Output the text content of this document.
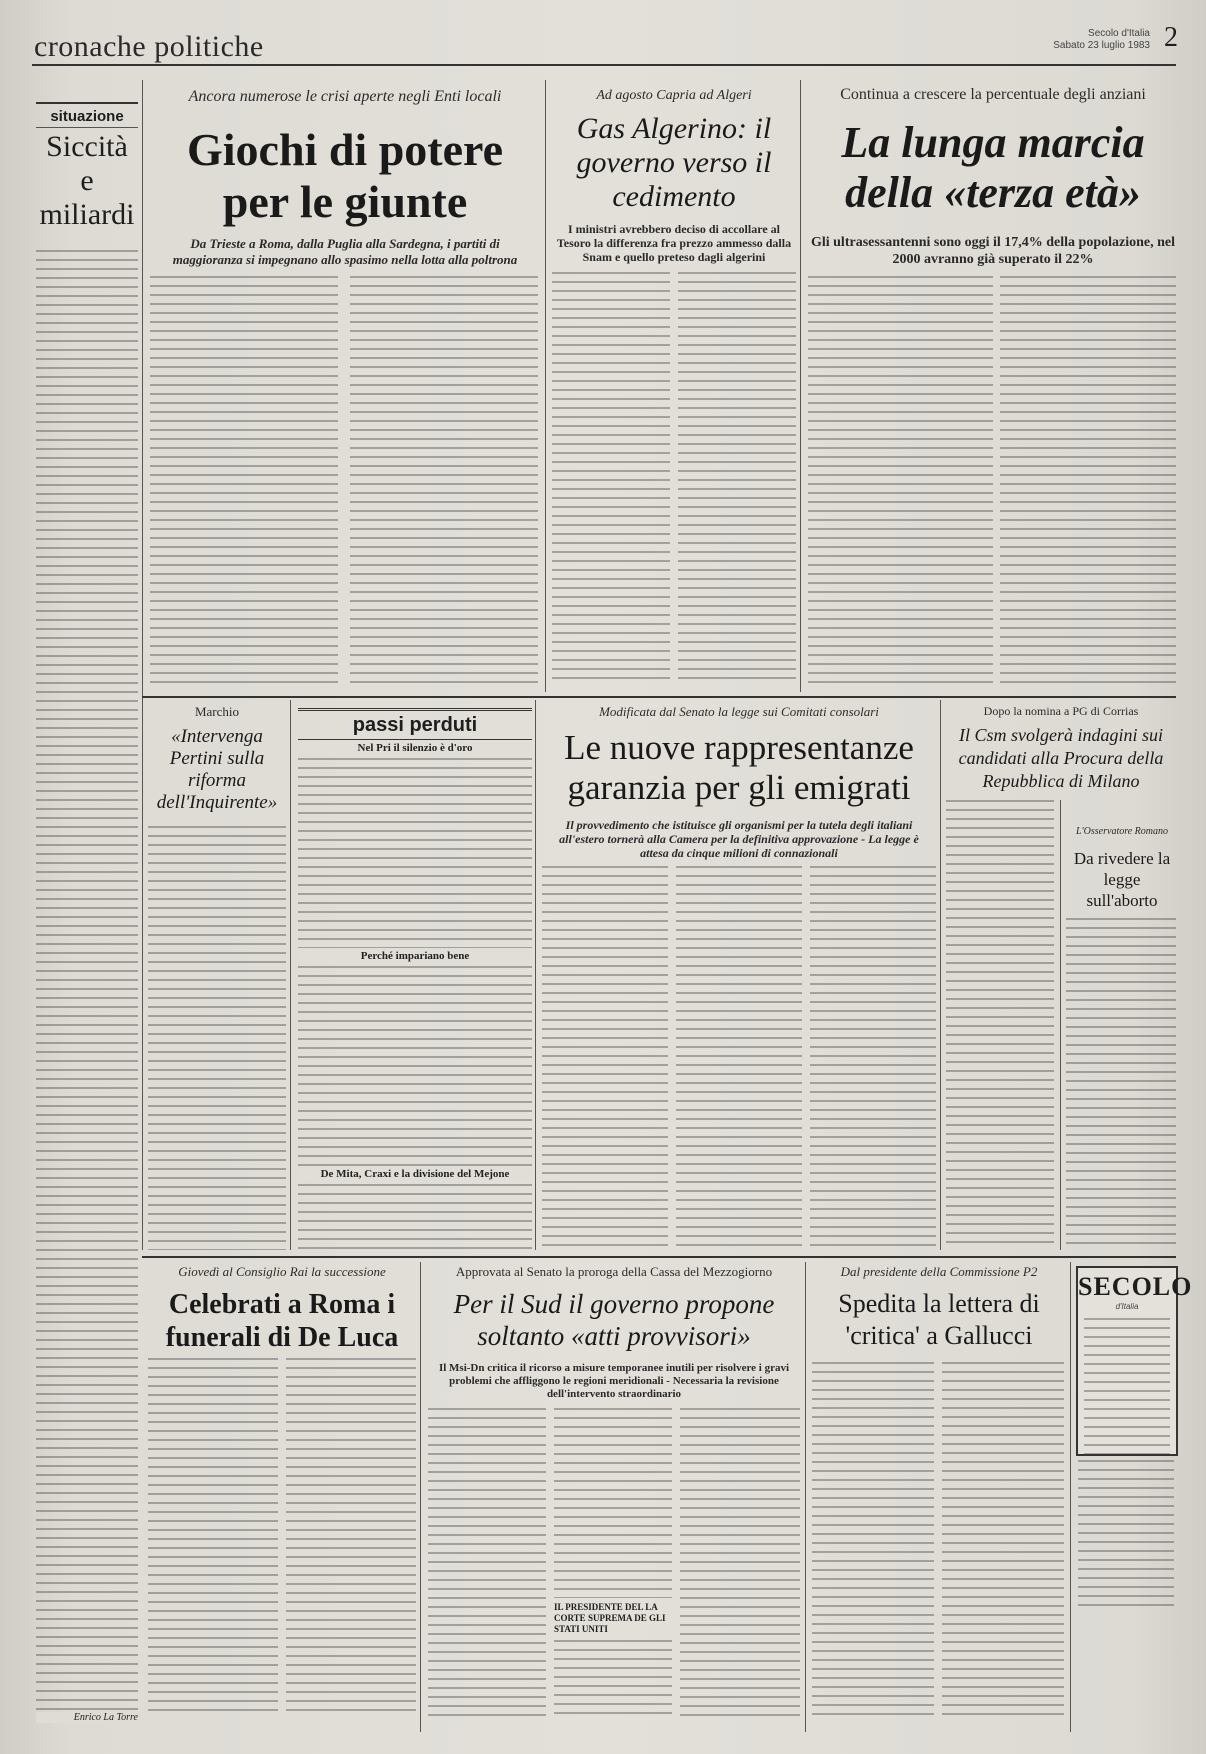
cronache politiche	Secolo d'Italia
Sabato 23 luglio 1983 2
situazione
Siccità e miliardi
Enrico La Torre
Ancora numerose le crisi aperte negli Enti locali
Giochi di potere per le giunte
Da Trieste a Roma, dalla Puglia alla Sardegna, i partiti di maggioranza si impegnano allo spasimo nella lotta alla poltrona
Ad agosto Capria ad Algeri
Gas Algerino: il governo verso il cedimento
I ministri avrebbero deciso di accollare al Tesoro la differenza fra prezzo ammesso dalla Snam e quello preteso dagli algerini
Continua a crescere la percentuale degli anziani
La lunga marcia della «terza età»
Gli ultrasessantenni sono oggi il 17,4% della popolazione, nel 2000 avranno già superato il 22%
Marchio
«Intervenga Pertini sulla riforma dell'Inquirente»
passi perduti
Nel Pri il silenzio è d'oro
Perché impariano bene
De Mita, Craxi e la divisione del Mejone
Modificata dal Senato la legge sui Comitati consolari
Le nuove rappresentanze garanzia per gli emigrati
Il provvedimento che istituisce gli organismi per la tutela degli italiani all'estero tornerà alla Camera per la definitiva approvazione - La legge è attesa da cinque milioni di connazionali
Dopo la nomina a PG di Corrias
Il Csm svolgerà indagini sui candidati alla Procura della Repubblica di Milano
L'Osservatore Romano
Da rivedere la legge sull'aborto
Giovedì al Consiglio Rai la successione
Celebrati a Roma i funerali di De Luca
Approvata al Senato la proroga della Cassa del Mezzogiorno
Per il Sud il governo propone soltanto «atti provvisori»
Il Msi-Dn critica il ricorso a misure temporanee inutili per risolvere i gravi problemi che affliggono le regioni meridionali - Necessaria la revisione dell'intervento straordinario
IL PRESIDENTE DEL LA CORTE SUPREMA DE GLI STATI UNITI
Dal presidente della Commissione P2
Spedita la lettera di 'critica' a Gallucci
SECOLO
d'Italia
